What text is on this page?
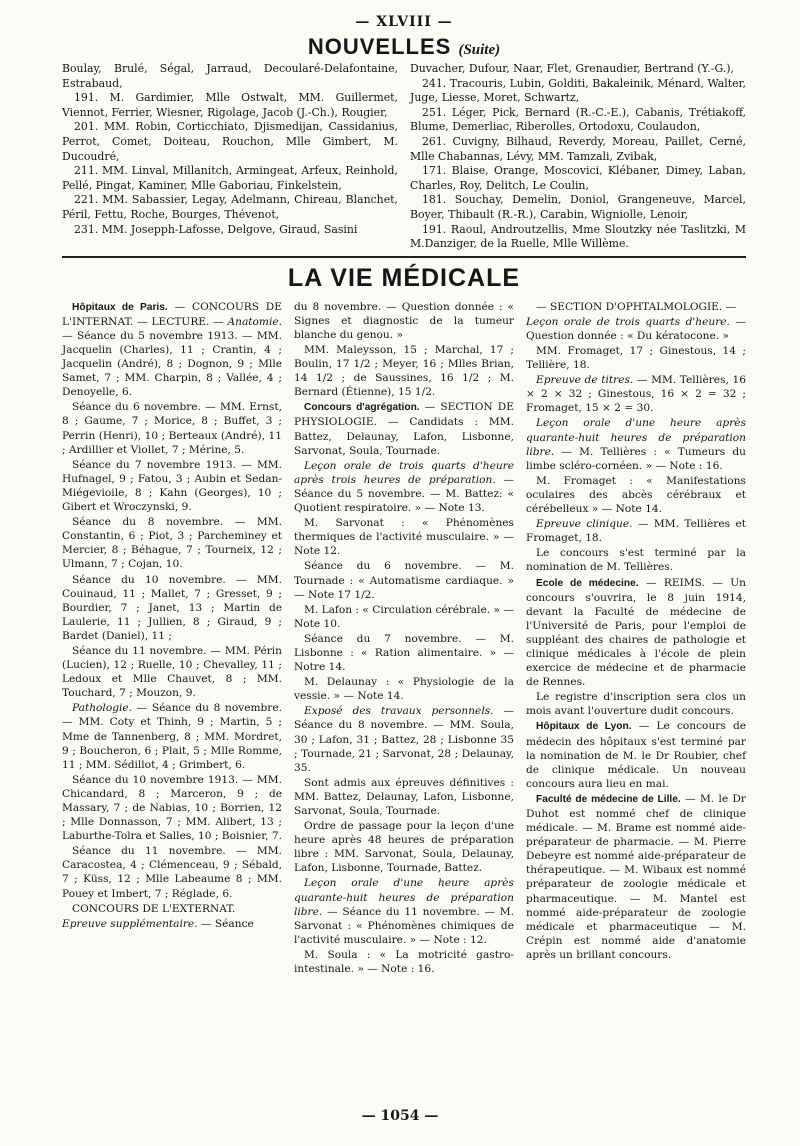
— XLVIII —
NOUVELLES (Suite)

Boulay, Brulé, Ségal, Jarraud, Decoularé-Delafontaine, Estrabaud,

191. M. Gardimier, Mlle Ostwalt, MM. Guillermet, Viennot, Ferrier, Wiesner, Rigolage, Jacob (J.-Ch.), Rougier,

201. MM. Robin, Corticchiato, Djismedijan, Cassidanius, Perrot, Comet, Doiteau, Rouchon, Mlle Gimbert, M. Ducoudré,

211. MM. Linval, Millanitch, Armingeat, Arfeux, Reinhold, Pellé, Pingat, Kaminer, Mlle Gaboriau, Finkelstein,

221. MM. Sabassier, Legay, Adelmann, Chireau, Blanchet, Péril, Fettu, Roche, Bourges, Thévenot,

231. MM. Josepph-Lafosse, Delgove, Giraud, Sasini

Duvacher, Dufour, Naar, Flet, Grenaudier, Bertrand (Y.-G.),

241. Tracouris, Lubin, Golditi, Bakaleinik, Ménard, Walter, Juge, Liesse, Moret, Schwartz,

251. Léger, Pick, Bernard (R.-C.-E.), Cabanis, Trétiakoff, Blume, Demerliac, Riberolles, Ortodoxu, Coulaudon,

261. Cuvigny, Bilhaud, Reverdy, Moreau, Paillet, Cerné, Mlle Chabannas, Lévy, MM. Tamzali, Zvibak,

171. Blaise, Orange, Moscovici, Klébaner, Dimey, Laban, Charles, Roy, Delitch, Le Coulin,

181. Souchay, Demelin, Doniol, Grangeneuve, Marcel, Boyer, Thibault (R.-R.), Carabin, Wigniolle, Lenoir,

191. Raoul, Androutzellis, Mme Sloutzky née Taslitzki, M M.Danziger, de la Ruelle, Mlle Willème.

LA VIE MÉDICALE

Hôpitaux de Paris. — CONCOURS DE L'INTERNAT. — LECTURE. — Anatomie. — Séance du 5 novembre 1913. — MM. Jacquelin (Charles), 11 ; Crantin, 4 ; Jacquelin (André), 8 ; Dognon, 9 ; Mlle Samet, 7 ; MM. Charpin, 8 ; Vallée, 4 ; Denoyelle, 6.

Séance du 6 novembre. — MM. Ernst, 8 ; Gaume, 7 ; Morice, 8 ; Buffet, 3 ; Perrin (Henri), 10 ; Berteaux (André), 11 ; Ardillier et Viollet, 7 ; Mérine, 5.

Séance du 7 novembre 1913. — MM. Hufnagel, 9 ; Fatou, 3 ; Aubin et Sedan-Miégevioile, 8 ; Kahn (Georges), 10 ; Gibert et Wroczynski, 9.

Séance du 8 novembre. — MM. Constantin, 6 ; Piot, 3 ; Parcheminey et Mercier, 8 ; Béhague, 7 ; Tourneix, 12 ; Ulmann, 7 ; Cojan, 10.

Séance du 10 novembre. — MM. Couinaud, 11 ; Mallet, 7 ; Gresset, 9 ; Bourdier, 7 ; Janet, 13 ; Martin de Laulerie, 11 ; Jullien, 8 ; Giraud, 9 ; Bardet (Daniel), 11 ;

Séance du 11 novembre. — MM. Périn (Lucien), 12 ; Ruelle, 10 ; Chevalley, 11 ; Ledoux et Mlle Chauvet, 8 ; MM. Touchard, 7 ; Mouzon, 9.

Pathologie. — Séance du 8 novembre. — MM. Coty et Thinh, 9 ; Martin, 5 ; Mme de Tannenberg, 8 ; MM. Mordret, 9 ; Boucheron, 6 ; Plait, 5 ; Mlle Romme, 11 ; MM. Sédillot, 4 ; Grimbert, 6.

Séance du 10 novembre 1913. — MM. Chicandard, 8 ; Marceron, 9 ; de Massary, 7 ; de Nabias, 10 ; Borrien, 12 ; Mlle Donnasson, 7 ; MM. Alibert, 13 ; Laburthe-Tolra et Salles, 10 ; Boisnier, 7.

Séance du 11 novembre. — MM. Caracostea, 4 ; Clémenceau, 9 ; Sébald, 7 ; Küss, 12 ; Mlle Labeaume 8 ; MM. Pouey et Imbert, 7 ; Réglade, 6.

CONCOURS DE L'EXTERNAT.

Epreuve supplémentaire. — Séance

du 8 novembre. — Question donnée : « Signes et diagnostic de la tumeur blanche du genou. »

MM. Maleysson, 15 ; Marchal, 17 ; Boulin, 17 1/2 ; Meyer, 16 ; Mlles Brian, 14 1/2 ; de Saussines, 16 1/2 ; M. Bernard (Étienne), 15 1/2.

Concours d'agrégation. — SECTION DE PHYSIOLOGIE. — Candidats : MM. Battez, Delaunay, Lafon, Lisbonne, Sarvonat, Soula, Tournade.

Leçon orale de trois quarts d'heure après trois heures de préparation. — Séance du 5 novembre. — M. Battez: « Quotient respiratoire. » — Note 13.

M. Sarvonat : « Phénomènes thermiques de l'activité musculaire. » — Note 12.

Séance du 6 novembre. — M. Tournade : « Automatisme cardiaque. » — Note 17 1/2.

M. Lafon : « Circulation cérébrale. » — Note 10.

Séance du 7 novembre. — M. Lisbonne : « Ration alimentaire. » — Notre 14.

M. Delaunay : « Physiologie de la vessie. » — Note 14.

Exposé des travaux personnels. — Séance du 8 novembre. — MM. Soula, 30 ; Lafon, 31 ; Battez, 28 ; Lisbonne 35 ; Tournade, 21 ; Sarvonat, 28 ; Delaunay, 35.

Sont admis aux épreuves définitives : MM. Battez, Delaunay, Lafon, Lisbonne, Sarvonat, Soula, Tournade.

Ordre de passage pour la leçon d'une heure après 48 heures de préparation libre : MM. Sarvonat, Soula, Delaunay, Lafon, Lisbonne, Tournade, Battez.

Leçon orale d'une heure après quarante-huit heures de préparation libre. — Séance du 11 novembre. — M. Sarvonat : « Phénomènes chimiques de l'activité musculaire. » — Note : 12.

M. Soula : « La motricité gastro-intestinale. » — Note : 16.

— SECTION D'OPHTALMOLOGIE. —

Leçon orale de trois quarts d'heure. — Question donnée : « Du kératocone. »

MM. Fromaget, 17 ; Ginestous, 14 ; Tellière, 18.

Epreuve de titres. — MM. Tellières, 16 × 2 × 32 ; Ginestous, 16 × 2 = 32 ; Fromaget, 15 × 2 = 30.

Leçon orale d'une heure après quarante-huit heures de préparation libre. — M. Tellières : « Tumeurs du limbe scléro-cornéen. » — Note : 16.

M. Fromaget : « Manifestations oculaires des abcès cérébraux et cérébelleux » — Note 14.

Epreuve clinique. — MM. Tellières et Fromaget, 18.

Le concours s'est terminé par la nomination de M. Tellières.

Ecole de médecine. — REIMS. — Un concours s'ouvrira, le 8 juin 1914, devant la Faculté de médecine de l'Université de Paris, pour l'emploi de suppléant des chaires de pathologie et clinique médicales à l'école de plein exercice de médecine et de pharmacie de Rennes.

Le registre d'inscription sera clos un mois avant l'ouverture dudit concours.

Hôpitaux de Lyon. — Le concours de médecin des hôpitaux s'est terminé par la nomination de M. le Dr Roubier, chef de clinique médicale. Un nouveau concours aura lieu en mai.

Faculté de médecine de Lille. — M. le Dr Duhot est nommé chef de clinique médicale. — M. Brame est nommé aide-préparateur de pharmacie. — M. Pierre Debeyre est nommé aide-préparateur de thérapeutique. — M. Wibaux est nommé préparateur de zoologie médicale et pharmaceutique. — M. Mantel est nommé aide-préparateur de zoologie médicale et pharmaceutique — M. Crépin est nommé aide d'anatomie après un brillant concours.

— 1054 —
